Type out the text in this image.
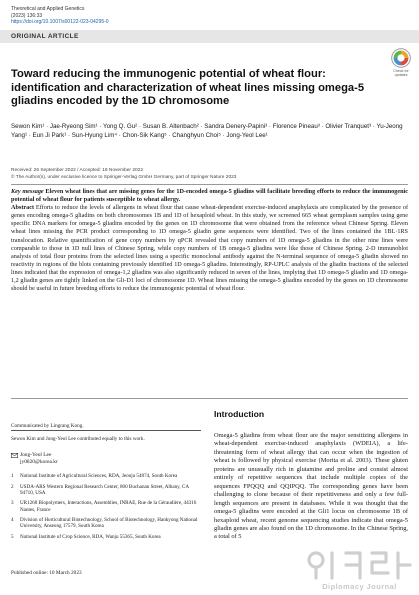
Theoretical and Applied Genetics
(2023) 136:33
https://doi.org/10.1007/s00122-023-04295-0
ORIGINAL ARTICLE
Check for updates
Toward reducing the immunogenic potential of wheat flour: identification and characterization of wheat lines missing omega-5 gliadins encoded by the 1D chromosome
Sewon Kim¹ · Jae-Ryeong Sim¹ · Yong Q. Gu² · Susan B. Altenbach² · Sandra Denery-Papini³ · Florence Pineau³ · Olivier Tranquet³ · Yu-Jeong Yang¹ · Eun Ji Park¹ · Sun-Hyung Lim⁴ · Chon-Sik Kang⁵ · Changhyun Choi⁵ · Jong-Yeol Lee¹
Received: 26 September 2022 / Accepted: 18 November 2022
© The Author(s), under exclusive licence to Springer-Verlag GmbH Germany, part of Springer Nature 2023
Key message Eleven wheat lines that are missing genes for the 1D-encoded omega-5 gliadins will facilitate breeding efforts to reduce the immunogenic potential of wheat flour for patients susceptible to wheat allergy.
Abstract Efforts to reduce the levels of allergens in wheat flour that cause wheat-dependent exercise-induced anaphylaxis are complicated by the presence of genes encoding omega-5 gliadins on both chromosomes 1B and 1D of hexaploid wheat. In this study, we screened 665 wheat germplasm samples using gene specific DNA markers for omega-5 gliadins encoded by the genes on 1D chromosome that were obtained from the reference wheat Chinese Spring. Eleven wheat lines missing the PCR product corresponding to 1D omega-5 gliadin gene sequences were identified. Two of the lines contained the 1BL·1RS translocation. Relative quantification of gene copy numbers by qPCR revealed that copy numbers of 1D omega-5 gliadins in the other nine lines were comparable to those in 1D null lines of Chinese Spring, while copy numbers of 1B omega-5 gliadins were like those of Chinese Spring. 2-D immunoblot analysis of total flour proteins from the selected lines using a specific monoclonal antibody against the N-terminal sequence of omega-5 gliadin showed no reactivity in regions of the blots containing previously identified 1D omega-5 gliadins. Interestingly, RP-UPLC analysis of the gliadin fractions of the selected lines indicated that the expression of omega-1,2 gliadins was also significantly reduced in seven of the lines, implying that 1D omega-5 gliadin and 1D omega-1,2 gliadin genes are tightly linked on the Gli-D1 loci of chromosome 1D. Wheat lines missing the omega-5 gliadins encoded by the genes on 1D chromosome should be useful in future breeding efforts to reduce the immunogenic potential of wheat flour.
Communicated by Lingrang Kong.
Sewon Kim and Jong-Yeol Lee contributed equally to this work.
Jong-Yeol Lee
jy0820@korea.kr
1 National Institute of Agricultural Sciences, RDA, Jeonju 54874, South Korea
2 USDA-ARS Western Regional Research Center, 800 Buchanan Street, Albany, CA 94710, USA
3 UR1268 Biopolymers, Interactions, Assemblies, INRAE, Rue de la Géraudière, 44316 Nantes, France
4 Division of Horticultural Biotechnology, School of Biotechnology, Hankyong National University, Anseong 17579, South Korea
5 National Institute of Crop Science, RDA, Wanju 55365, South Korea
Published online: 10 March 2023
Introduction
Omega-5 gliadins from wheat flour are the major sensitizing allergens in wheat-dependent exercise-induced anaphylaxis (WDEIA), a life-threatening form of wheat allergy that can occur when the ingestion of wheat is followed by physical exercise (Morita et al. 2003). These gluten proteins are unusually rich in glutamine and proline and consist almost entirely of repetitive sequences that include multiple copies of the sequences FPQQQ and QQIPQQ. The corresponding genes have been challenging to clone because of their repetitiveness and only a few full-length sequences are present in databases. While it was thought that the omega-5 gliadins were encoded at the Gli1 locus on chromosome 1B of hexaploid wheat, recent genome sequencing studies indicate that omega-5 gliadin genes are also found on the 1D chromosome. In the Chinese Spring, a total of 5
Diplomacy Journal
